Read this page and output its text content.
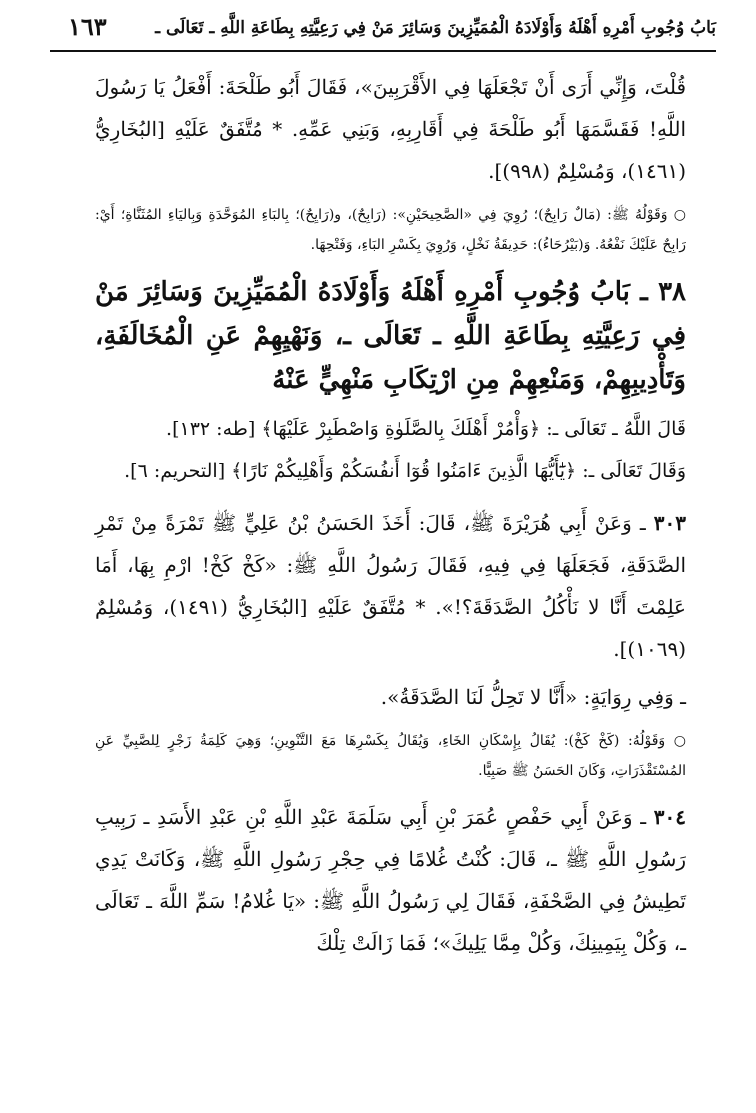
١٦٣	بَابُ وُجُوبِ أَمْرِهِ أَهْلَهُ وَأَوْلَادَهُ الْمُمَيِّزِينَ وَسَائِرَ مَنْ فِي رَعِيَّتِهِ بِطَاعَةِ اللَّهِ ـ تَعَالَى ـ

قُلْتَ، وَإِنِّي أَرَى أَنْ تَجْعَلَهَا فِي الأَقْرَبِينَ»، فَقَالَ أَبُو طَلْحَةَ: أَفْعَلُ يَا رَسُولَ اللَّهِ! فَقَسَّمَهَا أَبُو طَلْحَةَ فِي أَقَارِبِهِ، وَبَنِي عَمِّهِ. * مُتَّفَقٌ عَلَيْهِ [البُخَارِيُّ (١٤٦١)، وَمُسْلِمٌ (٩٩٨)].

○ وَقَوْلُهُ ﷺ: (مَالٌ رَابِحٌ)؛ رُوِيَ فِي «الصَّحِيحَيْنِ»: (رَابِحٌ)، و(رَايِحٌ)؛ بِالبَاءِ المُوَحَّدَةِ وَبِاليَاءِ المُثَنَّاةِ؛ أَيْ: رَابِحٌ عَلَيْكَ نَفْعُهُ. وَ(بَيْرُحَاءُ): حَدِيقَةُ نَخْلٍ، وَرُوِيَ بِكَسْرِ البَاءِ، وَفَتْحِهَا.

٣٨ ـ بَابُ وُجُوبِ أَمْرِهِ أَهْلَهُ وَأَوْلَادَهُ الْمُمَيِّزِينَ وَسَائِرَ مَنْ فِي رَعِيَّتِهِ بِطَاعَةِ اللَّهِ ـ تَعَالَى ـ، وَنَهْيِهِمْ عَنِ الْمُخَالَفَةِ، وَتَأْدِيبِهِمْ، وَمَنْعِهِمْ مِنِ ارْتِكَابِ مَنْهِيٍّ عَنْهُ

قَالَ اللَّهُ ـ تَعَالَى ـ: ﴿وَأْمُرْ أَهْلَكَ بِالصَّلَوٰةِ وَاصْطَبِرْ عَلَيْهَا﴾ [طه: ١٣٢].

وَقَالَ تَعَالَى ـ: ﴿يَٰٓأَيُّهَا الَّذِينَ ءَامَنُوا قُوٓا أَنفُسَكُمْ وَأَهْلِيكُمْ نَارًا﴾ [التحريم: ٦].

٣٠٣ ـ وَعَنْ أَبِي هُرَيْرَةَ ﷺ، قَالَ: أَخَذَ الحَسَنُ بْنُ عَلِيٍّ ﷺ تَمْرَةً مِنْ تَمْرِ الصَّدَقَةِ، فَجَعَلَهَا فِي فِيهِ، فَقَالَ رَسُولُ اللَّهِ ﷺ: «كَخْ كَخْ! ارْمِ بِهَا، أَمَا عَلِمْتَ أَنَّا لا نَأْكُلُ الصَّدَقَةَ؟!». * مُتَّفَقٌ عَلَيْهِ [البُخَارِيُّ (١٤٩١)، وَمُسْلِمٌ (١٠٦٩)].

ـ وَفِي رِوَايَةٍ: «أَنَّا لا تَحِلُّ لَنَا الصَّدَقَةُ».

○ وَقَوْلُهُ: (كَخْ كَخْ): يُقَالُ بِإِسْكَانِ الخَاءِ، وَيُقَالُ بِكَسْرِهَا مَعَ التَّنْوِينِ؛ وَهِيَ كَلِمَةُ زَجْرٍ لِلصَّبِيِّ عَنِ المُسْتَقْذَرَاتِ، وَكَانَ الحَسَنُ ﷺ صَبِيًّا.

٣٠٤ ـ وَعَنْ أَبِي حَفْصٍ عُمَرَ بْنِ أَبِي سَلَمَةَ عَبْدِ اللَّهِ بْنِ عَبْدِ الأَسَدِ ـ رَبِيبِ رَسُولِ اللَّهِ ﷺ ـ، قَالَ: كُنْتُ غُلامًا فِي حِجْرِ رَسُولِ اللَّهِ ﷺ، وَكَانَتْ يَدِي تَطِيشُ فِي الصَّحْفَةِ، فَقَالَ لِي رَسُولُ اللَّهِ ﷺ: «يَا غُلامُ! سَمِّ اللَّهَ ـ تَعَالَى ـ، وَكُلْ بِيَمِينِكَ، وَكُلْ مِمَّا يَلِيكَ»؛ فَمَا زَالَتْ تِلْكَ
